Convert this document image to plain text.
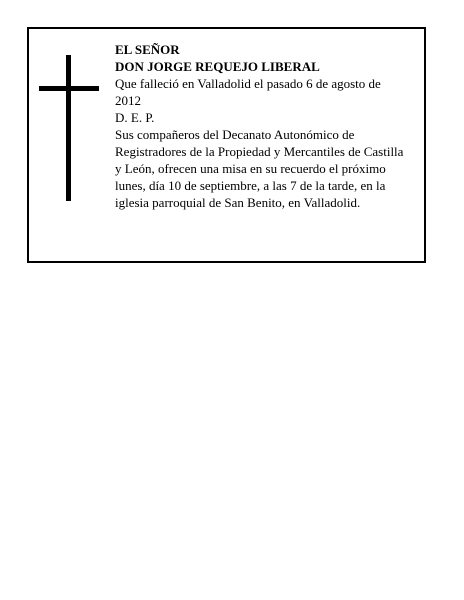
EL SEÑOR
DON JORGE REQUEJO LIBERAL
Que falleció en Valladolid el pasado 6 de agosto de
2012
D. E. P.
Sus compañeros del Decanato Autonómico de
Registradores de la Propiedad y Mercantiles de Castilla
y León, ofrecen una misa en su recuerdo el próximo
lunes, día 10 de septiembre, a las 7 de la tarde, en la
iglesia parroquial de San Benito, en Valladolid.
